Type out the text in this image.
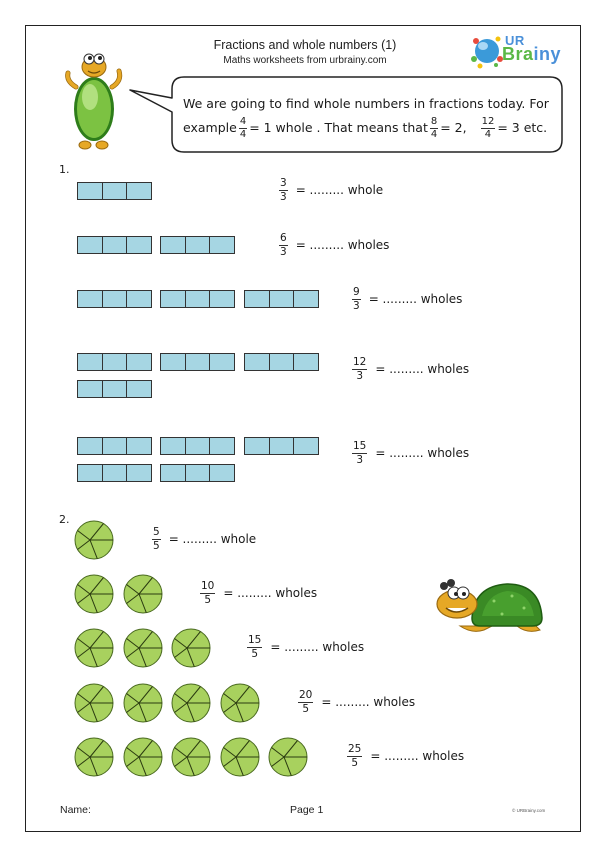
Fractions and whole numbers (1)
Maths worksheets from urbrainy.com
UR
Brainy
We are going to find whole numbers in fractions today. For
example $\frac{4}{4} = 1$ whole . That means that $\frac{8}{4} = 2$, $\frac{12}{4} = 3$ etc.
1.
$\frac{3}{3}$ = ......... whole
$\frac{6}{3}$ = ......... wholes
$\frac{9}{3}$ = ......... wholes
$\frac{12}{3}$ = ......... wholes
$\frac{15}{3}$ = ......... wholes
2.
$\frac{5}{5}$ = ......... whole
$\frac{10}{5}$ = ......... wholes
$\frac{15}{5}$ = ......... wholes
$\frac{20}{5}$ = ......... wholes
$\frac{25}{5}$ = ......... wholes
Name:	Page 1	© URBrainy.com
